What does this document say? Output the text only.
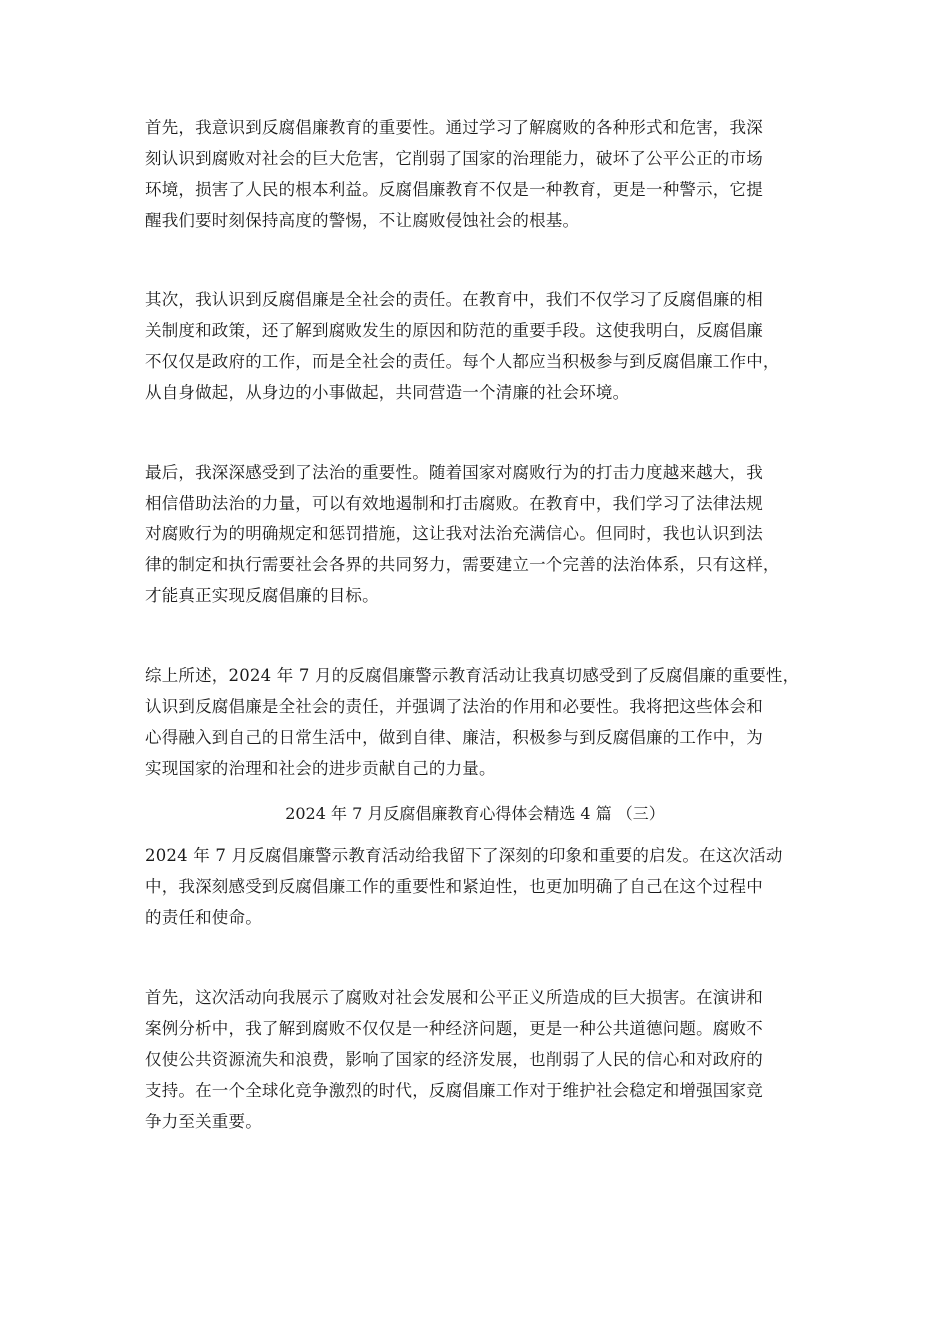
首先，我意识到反腐倡廉教育的重要性。通过学习了解腐败的各种形式和危害，我深
刻认识到腐败对社会的巨大危害，它削弱了国家的治理能力，破坏了公平公正的市场
环境，损害了人民的根本利益。反腐倡廉教育不仅是一种教育，更是一种警示，它提
醒我们要时刻保持高度的警惕，不让腐败侵蚀社会的根基。
其次，我认识到反腐倡廉是全社会的责任。在教育中，我们不仅学习了反腐倡廉的相
关制度和政策，还了解到腐败发生的原因和防范的重要手段。这使我明白，反腐倡廉
不仅仅是政府的工作，而是全社会的责任。每个人都应当积极参与到反腐倡廉工作中，
从自身做起，从身边的小事做起，共同营造一个清廉的社会环境。
最后，我深深感受到了法治的重要性。随着国家对腐败行为的打击力度越来越大，我
相信借助法治的力量，可以有效地遏制和打击腐败。在教育中，我们学习了法律法规
对腐败行为的明确规定和惩罚措施，这让我对法治充满信心。但同时，我也认识到法
律的制定和执行需要社会各界的共同努力，需要建立一个完善的法治体系，只有这样，
才能真正实现反腐倡廉的目标。
综上所述，2024 年 7 月的反腐倡廉警示教育活动让我真切感受到了反腐倡廉的重要性，
认识到反腐倡廉是全社会的责任，并强调了法治的作用和必要性。我将把这些体会和
心得融入到自己的日常生活中，做到自律、廉洁，积极参与到反腐倡廉的工作中，为
实现国家的治理和社会的进步贡献自己的力量。
2024 年 7 月反腐倡廉教育心得体会精选 4 篇 （三）
2024 年 7 月反腐倡廉警示教育活动给我留下了深刻的印象和重要的启发。在这次活动
中，我深刻感受到反腐倡廉工作的重要性和紧迫性，也更加明确了自己在这个过程中
的责任和使命。
首先，这次活动向我展示了腐败对社会发展和公平正义所造成的巨大损害。在演讲和
案例分析中，我了解到腐败不仅仅是一种经济问题，更是一种公共道德问题。腐败不
仅使公共资源流失和浪费，影响了国家的经济发展，也削弱了人民的信心和对政府的
支持。在一个全球化竞争激烈的时代，反腐倡廉工作对于维护社会稳定和增强国家竞
争力至关重要。
